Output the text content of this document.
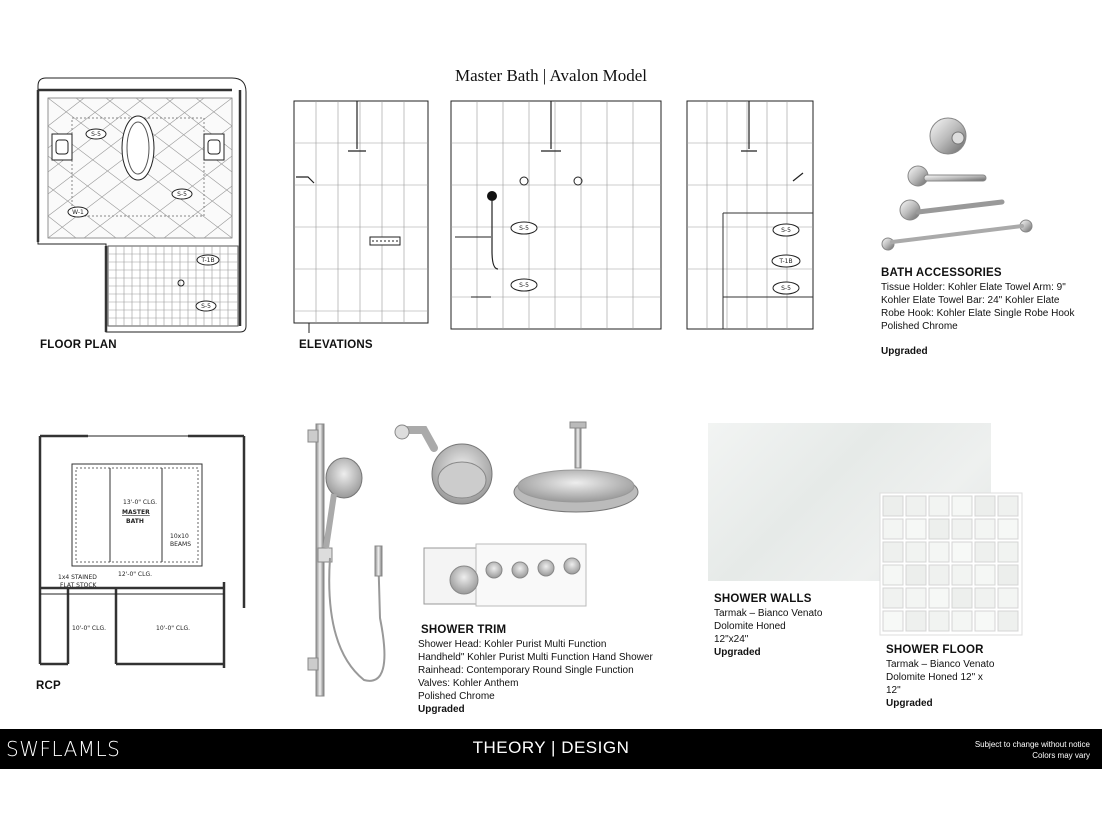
Master Bath | Avalon Model
S-5
S-5
W-1
T-1B
S-5
FLOOR PLAN
S-5
S-5
S-5
T-1B
S-5
ELEVATIONS
BATH ACCESSORIES
Tissue Holder: Kohler Elate Towel Arm: 9"
Kohler Elate Towel Bar: 24" Kohler Elate
Robe Hook: Kohler Elate Single Robe Hook
Polished Chrome
Upgraded
13'-0" CLG.
MASTER
BATH
10x10
BEAMS
12'-0" CLG.
1x4 STAINED
FLAT STOCK
10'-0" CLG.	10'-0" CLG.
RCP
SHOWER TRIM
Shower Head: Kohler Purist Multi Function
Handheld" Kohler Purist Multi Function Hand Shower
Rainhead: Contemporary Round Single Function
Valves: Kohler Anthem
Polished Chrome
Upgraded
SHOWER WALLS
Tarmak – Bianco Venato
Dolomite Honed
12"x24"
Upgraded	SHOWER FLOOR
Tarmak – Bianco Venato
Dolomite Honed 12" x
12"
Upgraded
SWFLAMLS	THEORY | DESIGN	Subject to change without notice
Colors may vary
